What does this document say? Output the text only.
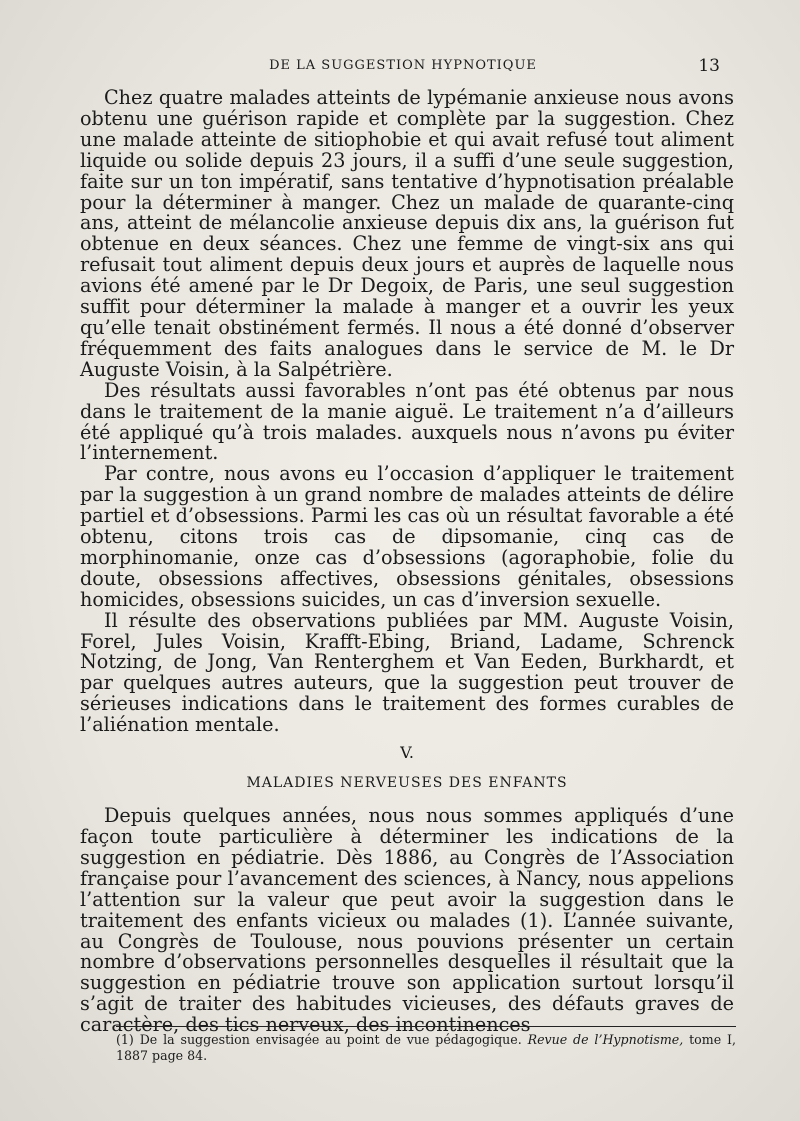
DE LA SUGGESTION HYPNOTIQUE	13

Chez quatre malades atteints de lypémanie anxieuse nous avons obtenu une guérison rapide et complète par la suggestion. Chez une malade atteinte de sitiophobie et qui avait refusé tout aliment liquide ou solide depuis 23 jours, il a suffi d’une seule suggestion, faite sur un ton impératif, sans tentative d’hypnotisation préalable pour la déterminer à manger. Chez un malade de quarante-cinq ans, atteint de mélancolie anxieuse depuis dix ans, la guérison fut obtenue en deux séances. Chez une femme de vingt-six ans qui refusait tout aliment depuis deux jours et auprès de laquelle nous avions été amené par le Dr Degoix, de Paris, une seul suggestion suffit pour déterminer la malade à manger et a ouvrir les yeux qu’elle tenait obstinément fermés. Il nous a été donné d’observer fréquemment des faits analogues dans le service de M. le Dr Auguste Voisin, à la Salpétrière.

Des résultats aussi favorables n’ont pas été obtenus par nous dans le traitement de la manie aiguë. Le traitement n’a d’ailleurs été appliqué qu’à trois malades. auxquels nous n’avons pu éviter l’internement.

Par contre, nous avons eu l’occasion d’appliquer le traitement par la suggestion à un grand nombre de malades atteints de délire partiel et d’obsessions. Parmi les cas où un résultat favorable a été obtenu, citons trois cas de dipsomanie, cinq cas de morphinomanie, onze cas d’obsessions (agoraphobie, folie du doute, obsessions affectives, obsessions génitales, obsessions homicides, obsessions suicides, un cas d’inversion sexuelle.

Il résulte des observations publiées par MM. Auguste Voisin, Forel, Jules Voisin, Krafft-Ebing, Briand, Ladame, Schrenck Notzing, de Jong, Van Renterghem et Van Eeden, Burkhardt, et par quelques autres auteurs, que la suggestion peut trouver de sérieuses indications dans le traitement des formes curables de l’aliénation mentale.

V.

MALADIES NERVEUSES DES ENFANTS

Depuis quelques années, nous nous sommes appliqués d’une façon toute particulière à déterminer les indications de la suggestion en pédiatrie. Dès 1886, au Congrès de l’Association française pour l’avancement des sciences, à Nancy, nous appelions l’attention sur la valeur que peut avoir la suggestion dans le traitement des enfants vicieux ou malades (1). L’année suivante, au Congrès de Toulouse, nous pouvions présenter un certain nombre d’observations personnelles desquelles il résultait que la suggestion en pédiatrie trouve son application surtout lorsqu’il s’agit de traiter des habitudes vicieuses, des défauts graves de caractère, des tics nerveux, des incontinences

(1) De la suggestion envisagée au point de vue pédagogique. Revue de l’Hypnotisme, tome I, 1887 page 84.
